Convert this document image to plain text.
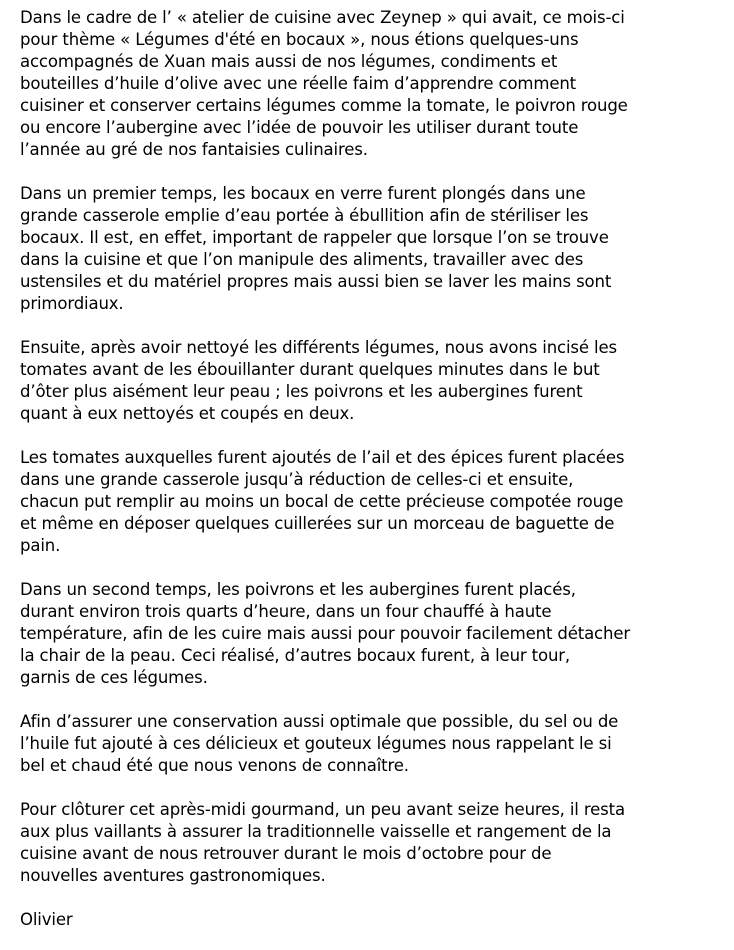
Dans le cadre de l’ « atelier de cuisine avec Zeynep » qui avait, ce mois-ci
pour thème « Légumes d'été en bocaux », nous étions quelques-uns
accompagnés de Xuan mais aussi de nos légumes, condiments et
bouteilles d’huile d’olive avec une réelle faim d’apprendre comment
cuisiner et conserver certains légumes comme la tomate, le poivron rouge
ou encore l’aubergine avec l’idée de pouvoir les utiliser durant toute
l’année au gré de nos fantaisies culinaires.

Dans un premier temps, les bocaux en verre furent plongés dans une
grande casserole emplie d’eau portée à ébullition afin de stériliser les
bocaux. Il est, en effet, important de rappeler que lorsque l’on se trouve
dans la cuisine et que l’on manipule des aliments, travailler avec des
ustensiles et du matériel propres mais aussi bien se laver les mains sont
primordiaux.

Ensuite, après avoir nettoyé les différents légumes, nous avons incisé les
tomates avant de les ébouillanter durant quelques minutes dans le but
d’ôter plus aisément leur peau ; les poivrons et les aubergines furent
quant à eux nettoyés et coupés en deux.

Les tomates auxquelles furent ajoutés de l’ail et des épices furent placées
dans une grande casserole jusqu’à réduction de celles-ci et ensuite,
chacun put remplir au moins un bocal de cette précieuse compotée rouge
et même en déposer quelques cuillerées sur un morceau de baguette de
pain.

Dans un second temps, les poivrons et les aubergines furent placés,
durant environ trois quarts d’heure, dans un four chauffé à haute
température, afin de les cuire mais aussi pour pouvoir facilement détacher
la chair de la peau. Ceci réalisé, d’autres bocaux furent, à leur tour,
garnis de ces légumes.

Afin d’assurer une conservation aussi optimale que possible, du sel ou de
l’huile fut ajouté à ces délicieux et gouteux légumes nous rappelant le si
bel et chaud été que nous venons de connaître.

Pour clôturer cet après-midi gourmand, un peu avant seize heures, il resta
aux plus vaillants à assurer la traditionnelle vaisselle et rangement de la
cuisine avant de nous retrouver durant le mois d’octobre pour de
nouvelles aventures gastronomiques.

Olivier
